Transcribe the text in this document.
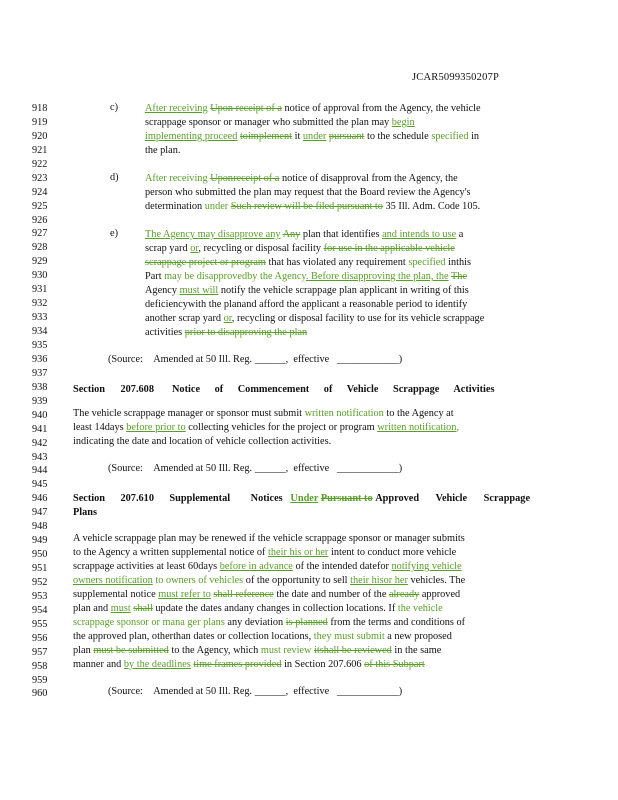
JCAR5099350207P
918
919
920
921
922
923
924
925
926
927
928
929
930
931
932
933
934
935
936
937
938
939
940
941
942
943
944
945
946
947
948
949
950
951
952
953
954
955
956
957
958
959
960
c)	After receiving Upon receipt of a notice of approval from the Agency, the vehicle
scrappage sponsor or manager who submitted the plan may begin
implementing proceed toimplement it under pursuant to the schedule specified in
the plan.
d)	After receiving Uponreceipt of a notice of disapproval from the Agency, the
person who submitted the plan may request that the Board review the Agency's
determination under Such review will be filed pursuant to 35 Ill. Adm. Code 105.
e)	The Agency may disapprove any Any plan that identifies and intends to use a
scrap yard or, recycling or disposal facility for use in the applicable vehicle
scrappage project or program that has violated any requirement specified inthis
Part may be disapprovedby the Agency. Before disapproving the plan, the The
Agency must will notify the vehicle scrappage plan applicant in writing of this
deficiencywith the planand afford the applicant a reasonable period to identify
another scrap yard or, recycling or disposal facility to use for its vehicle scrappage
activities prior to disapproving the plan
(Source: Amended at 50 Ill. Reg. ______, effective ____________)
Section 207.608 Notice of Commencement of Vehicle Scrappage Activities
The vehicle scrappage manager or sponsor must submit written notification to the Agency at
least 14days before prior to collecting vehicles for the project or program written notification,
indicating the date and location of vehicle collection activities.
(Source: Amended at 50 Ill. Reg. ______, effective ____________)
Section 207.610 Supplemental Notices Under Pursuant to Approved Vehicle Scrappage
Plans
A vehicle scrappage plan may be renewed if the vehicle scrappage sponsor or manager submits
to the Agency a written supplemental notice of their his or her intent to conduct more vehicle
scrappage activities at least 60days before in advance of the intended datefor notifying vehicle
owners notification to owners of vehicles of the opportunity to sell their hisor her vehicles. The
supplemental notice must refer to shall reference the date and number of the already approved
plan and must shall update the dates andany changes in collection locations. If the vehicle
scrappage sponsor or mana ger plans any deviation is planned from the terms and conditions of
the approved plan, otherthan dates or collection locations, they must submit a new proposed
plan must be submitted to the Agency, which must review itshall be reviewed in the same
manner and by the deadlines time frames provided in Section 207.606 of this Subpart
(Source: Amended at 50 Ill. Reg. ______, effective ____________)
